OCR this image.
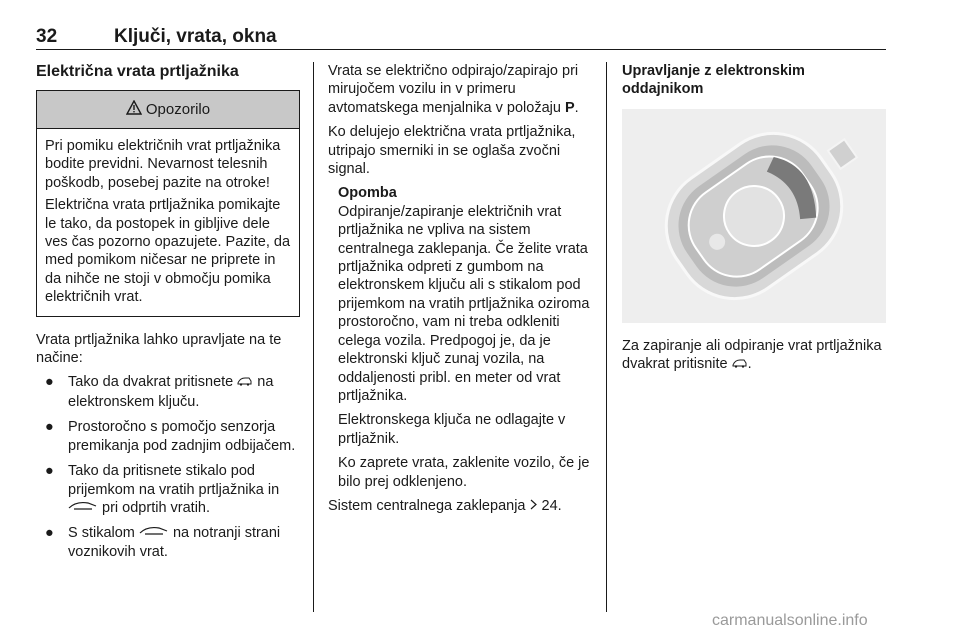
32	Ključi, vrata, okna
Električna vrata prtljažnika
Opozorilo

Pri pomiku električnih vrat prtljažnika bodite previdni. Nevarnost telesnih poškodb, posebej pazite na otroke!

Električna vrata prtljažnika pomikajte le tako, da postopek in gibljive dele ves čas pozorno opazujete. Pazite, da med pomikom ničesar ne priprete in da nihče ne stoji v območju pomika električnih vrat.

Vrata prtljažnika lahko upravljate na te načine:

● Tako da dvakrat pritisnete  na elektronskem ključu.
● Prostoročno s pomočjo senzorja premikanja pod zadnjim odbijačem.
● Tako da pritisnete stikalo pod prijemkom na vratih prtljažnika in  pri odprtih vratih.
● S stikalom  na notranji strani voznikovih vrat.

Vrata se električno odpirajo/zapirajo pri mirujočem vozilu in v primeru avtomatskega menjalnika v položaju P.

Ko delujejo električna vrata prtljažnika, utripajo smerniki in se oglaša zvočni signal.

Opomba

Odpiranje/zapiranje električnih vrat prtljažnika ne vpliva na sistem centralnega zaklepanja. Če želite vrata prtljažnika odpreti z gumbom na elektronskem ključu ali s stikalom pod prijemkom na vratih prtljažnika oziroma prostoročno, vam ni treba odkleniti celega vozila. Predpogoj je, da je elektronski ključ zunaj vozila, na oddaljenosti pribl. en meter od vrat prtljažnika.

Elektronskega ključa ne odlagajte v prtljažnik.

Ko zaprete vrata, zaklenite vozilo, če je bilo prej odklenjeno.

Sistem centralnega zaklepanja  24.

Upravljanje z elektronskim oddajnikom

Za zapiranje ali odpiranje vrat prtljažnika dvakrat pritisnite .

carmanualsonline.info
